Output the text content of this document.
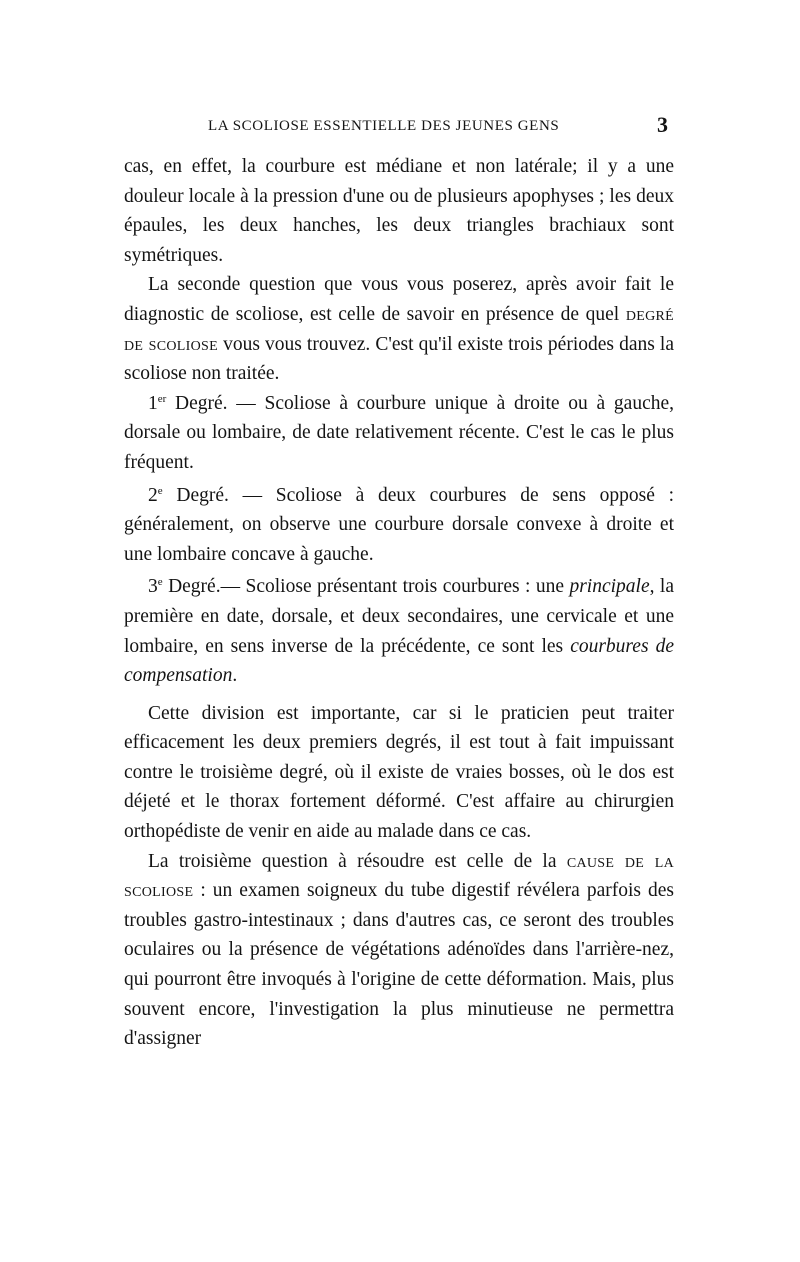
LA SCOLIOSE ESSENTIELLE DES JEUNES GENS	3

cas, en effet, la courbure est médiane et non latérale; il y a une douleur locale à la pression d'une ou de plusieurs apophyses ; les deux épaules, les deux hanches, les deux triangles brachiaux sont symétriques.

La seconde question que vous vous poserez, après avoir fait le diagnostic de scoliose, est celle de savoir en présence de quel degré de scoliose vous vous trouvez. C'est qu'il existe trois périodes dans la scoliose non traitée.

1er Degré. — Scoliose à courbure unique à droite ou à gauche, dorsale ou lombaire, de date relativement récente. C'est le cas le plus fréquent.

2e Degré. — Scoliose à deux courbures de sens opposé : généralement, on observe une courbure dorsale convexe à droite et une lombaire concave à gauche.

3e Degré.— Scoliose présentant trois courbures : une principale, la première en date, dorsale, et deux secondaires, une cervicale et une lombaire, en sens inverse de la précédente, ce sont les courbures de compensation.

Cette division est importante, car si le praticien peut traiter efficacement les deux premiers degrés, il est tout à fait impuissant contre le troisième degré, où il existe de vraies bosses, où le dos est déjeté et le thorax fortement déformé. C'est affaire au chirurgien orthopédiste de venir en aide au malade dans ce cas.

La troisième question à résoudre est celle de la cause de la scoliose : un examen soigneux du tube digestif révélera parfois des troubles gastro-intestinaux ; dans d'autres cas, ce seront des troubles oculaires ou la présence de végétations adénoïdes dans l'arrière-nez, qui pourront être invoqués à l'origine de cette déformation. Mais, plus souvent encore, l'investigation la plus minutieuse ne permettra d'assigner
